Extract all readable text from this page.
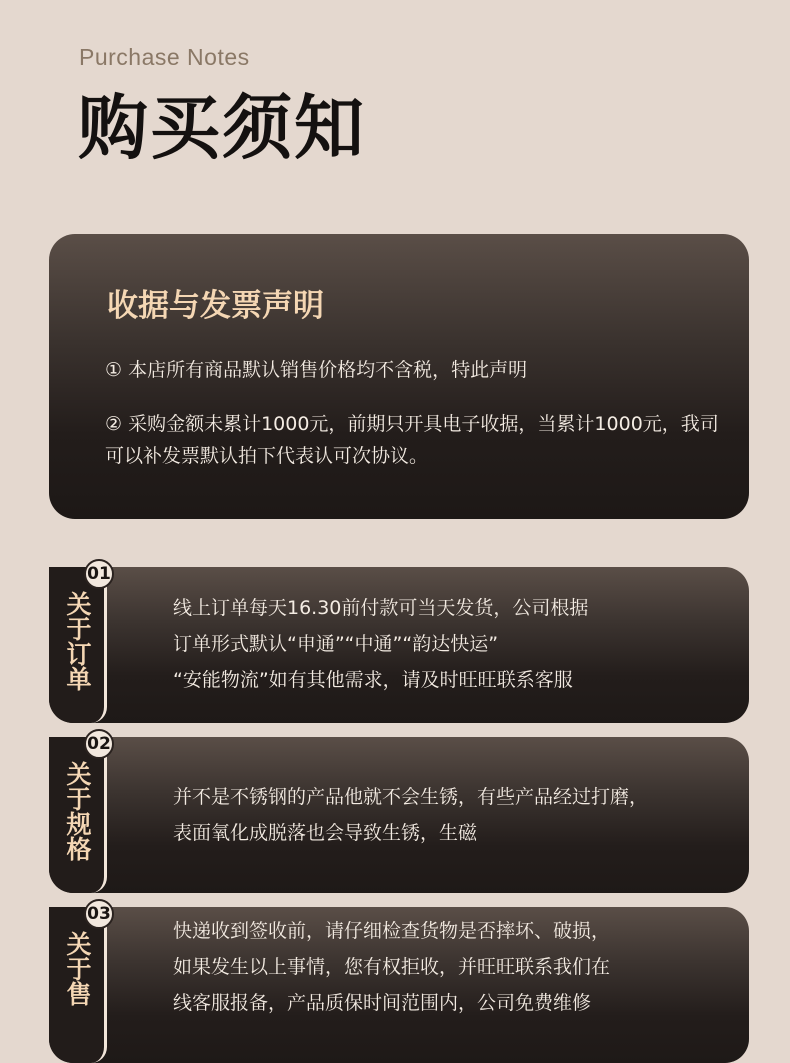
Purchase Notes
购买须知
收据与发票声明
① 本店所有商品默认销售价格均不含税，特此声明
② 采购金额未累计1000元，前期只开具电子收据，当累计1000元，我司可以补发票默认拍下代表认可次协议。
关于订单
01
线上订单每天16.30前付款可当天发货，公司根据
订单形式默认“申通”“中通”“韵达快运”
“安能物流”如有其他需求，请及时旺旺联系客服
关于规格
02
并不是不锈钢的产品他就不会生锈，有些产品经过打磨，
表面氧化成脱落也会导致生锈，生磁
关于售
03
快递收到签收前，请仔细检查货物是否摔坏、破损，
如果发生以上事情，您有权拒收，并旺旺联系我们在
线客服报备，产品质保时间范围内，公司免费维修
